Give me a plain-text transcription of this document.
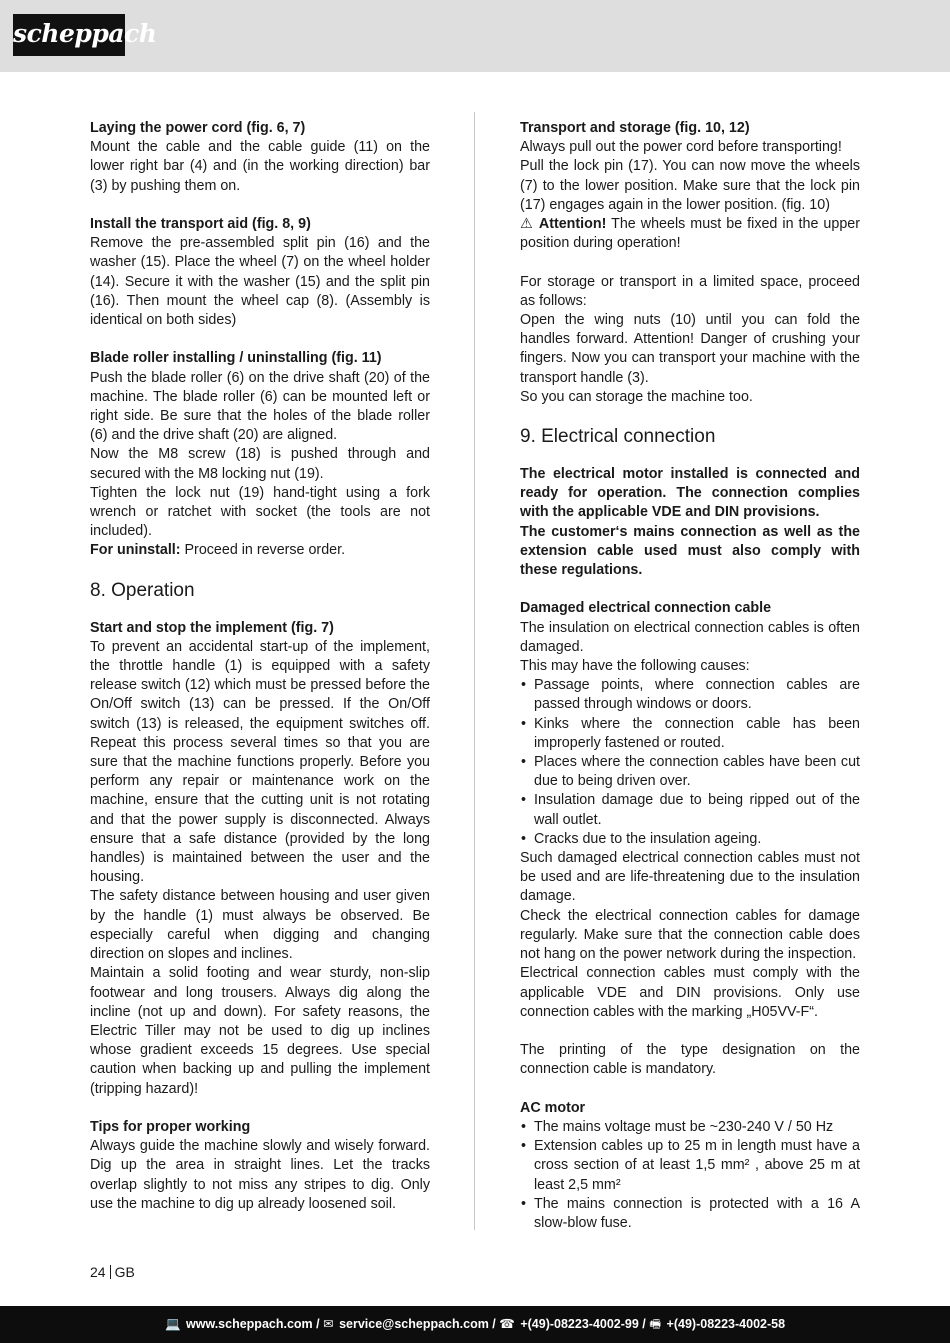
scheppach
Laying the power cord (fig. 6, 7)

Mount the cable and the cable guide (11) on the lower right bar (4) and (in the working direction) bar (3) by pushing them on.

Install the transport aid (fig. 8, 9)

Remove the pre-assembled split pin (16) and the washer (15). Place the wheel (7) on the wheel holder (14). Secure it with the washer (15) and the split pin (16). Then mount the wheel cap (8). (Assembly is identical on both sides)

Blade roller installing / uninstalling (fig. 11)

Push the blade roller (6) on the drive shaft (20) of the machine. The blade roller (6) can be mounted left or right side. Be sure that the holes of the blade roller (6) and the drive shaft (20) are aligned.

Now the M8 screw (18) is pushed through and secured with the M8 locking nut (19).

Tighten the lock nut (19) hand-tight using a fork wrench or ratchet with socket (the tools are not included).

For uninstall: Proceed in reverse order.

8. Operation
Start and stop the implement (fig. 7)

To prevent an accidental start-up of the implement, the throttle handle (1) is equipped with a safety release switch (12) which must be pressed before the On/Off switch (13) can be pressed. If the On/Off switch (13) is released, the equipment switches off. Repeat this process several times so that you are sure that the machine functions properly. Before you perform any repair or maintenance work on the machine, ensure that the cutting unit is not rotating and that the power supply is disconnected. Always ensure that a safe distance (provided by the long handles) is maintained between the user and the housing.

The safety distance between housing and user given by the handle (1) must always be observed. Be especially careful when digging and changing direction on slopes and inclines.

Maintain a solid footing and wear sturdy, non-slip footwear and long trousers. Always dig along the incline (not up and down). For safety reasons, the Electric Tiller may not be used to dig up inclines whose gradient exceeds 15 degrees. Use special caution when backing up and pulling the implement (tripping hazard)!

Tips for proper working

Always guide the machine slowly and wisely forward. Dig up the area in straight lines. Let the tracks overlap slightly to not miss any stripes to dig. Only use the machine to dig up already loosened soil.

Transport and storage (fig. 10, 12)

Always pull out the power cord before transporting!

Pull the lock pin (17). You can now move the wheels (7) to the lower position. Make sure that the lock pin (17) engages again in the lower position. (fig. 10)

⚠ Attention! The wheels must be fixed in the upper position during operation!

For storage or transport in a limited space, proceed as follows:

Open the wing nuts (10) until you can fold the handles forward. Attention! Danger of crushing your fingers. Now you can transport your machine with the transport handle (3).

So you can storage the machine too.

9. Electrical connection

The electrical motor installed is connected and ready for operation. The connection complies with the applicable VDE and DIN provisions.

The customer‘s mains connection as well as the extension cable used must also comply with these regulations.

Damaged electrical connection cable

The insulation on electrical connection cables is often damaged.

This may have the following causes:

• Passage points, where connection cables are passed through windows or doors.
• Kinks where the connection cable has been improperly fastened or routed.
• Places where the connection cables have been cut due to being driven over.
• Insulation damage due to being ripped out of the wall outlet.
• Cracks due to the insulation ageing.

Such damaged electrical connection cables must not be used and are life-threatening due to the insulation damage.

Check the electrical connection cables for damage regularly. Make sure that the connection cable does not hang on the power network during the inspection.

Electrical connection cables must comply with the applicable VDE and DIN provisions. Only use connection cables with the marking „H05VV-F“.

The printing of the type designation on the connection cable is mandatory.

AC motor
• The mains voltage must be ~230-240 V / 50 Hz
• Extension cables up to 25 m in length must have a cross section of at least 1,5 mm² , above 25 m at least 2,5 mm²
• The mains connection is protected with a 16 A slow-blow fuse.
24 GB
💻 www.scheppach.com / ✉ service@scheppach.com / ☎ +(49)-08223-4002-99 / 🖷 +(49)-08223-4002-58
